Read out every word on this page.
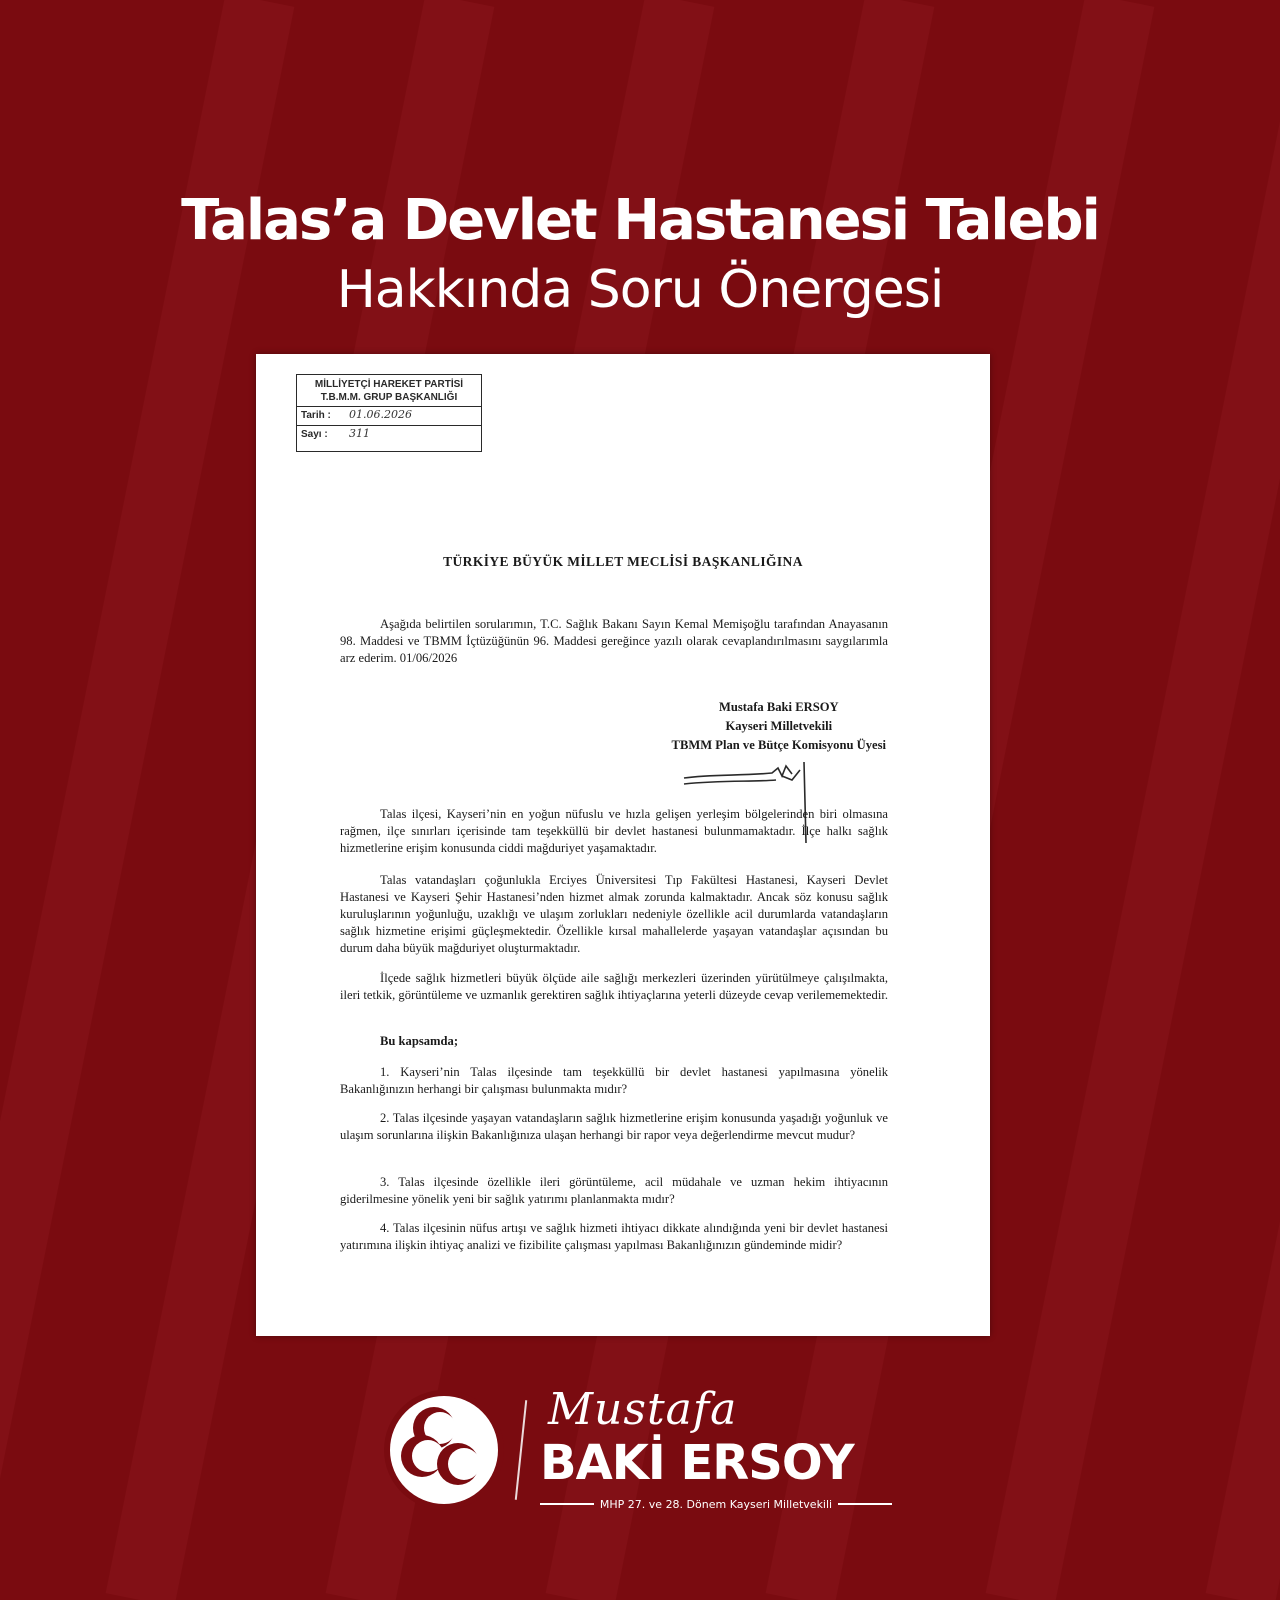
Talas’a Devlet Hastanesi Talebi
Hakkında Soru Önergesi
MİLLİYETÇİ HAREKET PARTİSİ
T.B.M.M. GRUP BAŞKANLIĞI
Tarih : 01.06.2026
Sayı : 311
TÜRKİYE BÜYÜK MİLLET MECLİSİ BAŞKANLIĞINA

Aşağıda belirtilen sorularımın, T.C. Sağlık Bakanı Sayın Kemal Memişoğlu tarafından Anayasanın 98. Maddesi ve TBMM İçtüzüğünün 96. Maddesi gereğince yazılı olarak cevaplandırılmasını saygılarımla arz ederim. 01/06/2026

Mustafa Baki ERSOY
Kayseri Milletvekili
TBMM Plan ve Bütçe Komisyonu Üyesi

Talas ilçesi, Kayseri’nin en yoğun nüfuslu ve hızla gelişen yerleşim bölgelerinden biri olmasına rağmen, ilçe sınırları içerisinde tam teşekküllü bir devlet hastanesi bulunmamaktadır. İlçe halkı sağlık hizmetlerine erişim konusunda ciddi mağduriyet yaşamaktadır.

Talas vatandaşları çoğunlukla Erciyes Üniversitesi Tıp Fakültesi Hastanesi, Kayseri Devlet Hastanesi ve Kayseri Şehir Hastanesi’nden hizmet almak zorunda kalmaktadır. Ancak söz konusu sağlık kuruluşlarının yoğunluğu, uzaklığı ve ulaşım zorlukları nedeniyle özellikle acil durumlarda vatandaşların sağlık hizmetine erişimi güçleşmektedir. Özellikle kırsal mahallelerde yaşayan vatandaşlar açısından bu durum daha büyük mağduriyet oluşturmaktadır.

İlçede sağlık hizmetleri büyük ölçüde aile sağlığı merkezleri üzerinden yürütülmeye çalışılmakta, ileri tetkik, görüntüleme ve uzmanlık gerektiren sağlık ihtiyaçlarına yeterli düzeyde cevap verilememektedir.

Bu kapsamda;

1. Kayseri’nin Talas ilçesinde tam teşekküllü bir devlet hastanesi yapılmasına yönelik Bakanlığınızın herhangi bir çalışması bulunmakta mıdır?

2. Talas ilçesinde yaşayan vatandaşların sağlık hizmetlerine erişim konusunda yaşadığı yoğunluk ve ulaşım sorunlarına ilişkin Bakanlığınıza ulaşan herhangi bir rapor veya değerlendirme mevcut mudur?

3. Talas ilçesinde özellikle ileri görüntüleme, acil müdahale ve uzman hekim ihtiyacının giderilmesine yönelik yeni bir sağlık yatırımı planlanmakta mıdır?

4. Talas ilçesinin nüfus artışı ve sağlık hizmeti ihtiyacı dikkate alındığında yeni bir devlet hastanesi yatırımına ilişkin ihtiyaç analizi ve fizibilite çalışması yapılması Bakanlığınızın gündeminde midir?

Mustafa
BAKİ ERSOY
MHP 27. ve 28. Dönem Kayseri Milletvekili
